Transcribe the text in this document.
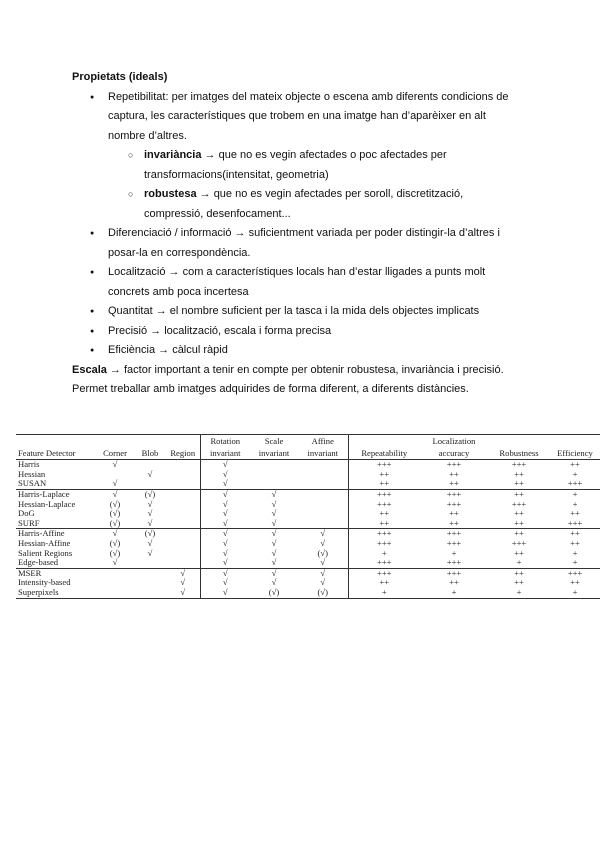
Propietats (ideals)
● Repetibilitat: per imatges del mateix objecte o escena amb diferents condicions de captura, les característiques que trobem en una imatge han d’aparèixer en alt nombre d’altres.
○ invariància → que no es vegin afectades o poc afectades per transformacions(intensitat, geometria)
○ robustesa → que no es vegin afectades per soroll, discretització, compressió, desenfocament...
● Diferenciació / informació → suficientment variada per poder distingir-la d’altres i posar-la en correspondència.
● Localització → com a característiques locals han d’estar lligades a punts molt concrets amb poca incertesa
● Quantitat → el nombre suficient per la tasca i la mida dels objectes implicats
● Precisió → localització, escala i forma precisa
● Eficiència → càlcul ràpid

Escala → factor important a tenir en compte per obtenir robustesa, invariància i precisió.

Permet treballar amb imatges adquirides de forma diferent, a diferents distàncies.

Feature Detector	Corner	Blob	Region	Rotation	Scale	Affine	Repeatability	Localization	Robustness	Efficiency
				invariant	invariant	invariant		accuracy		
Harris	√			√			+++	+++	+++	++
Hessian		√		√			++	++	++	+
SUSAN	√			√			++	++	++	+++
Harris-Laplace	√	(√)		√	√		+++	+++	++	+
Hessian-Laplace	(√)	√		√	√		+++	+++	+++	+
DoG	(√)	√		√	√		++	++	++	++
SURF	(√)	√		√	√		++	++	++	+++
Harris-Affine	√	(√)		√	√	√	+++	+++	++	++
Hessian-Affine	(√)	√		√	√	√	+++	+++	+++	++
Salient Regions	(√)	√		√	√	(√)	+	+	++	+
Edge-based	√			√	√	√	+++	+++	+	+
MSER			√	√	√	√	+++	+++	++	+++
Intensity-based			√	√	√	√	++	++	++	++
Superpixels			√	√	(√)	(√)	+	+	+	+
